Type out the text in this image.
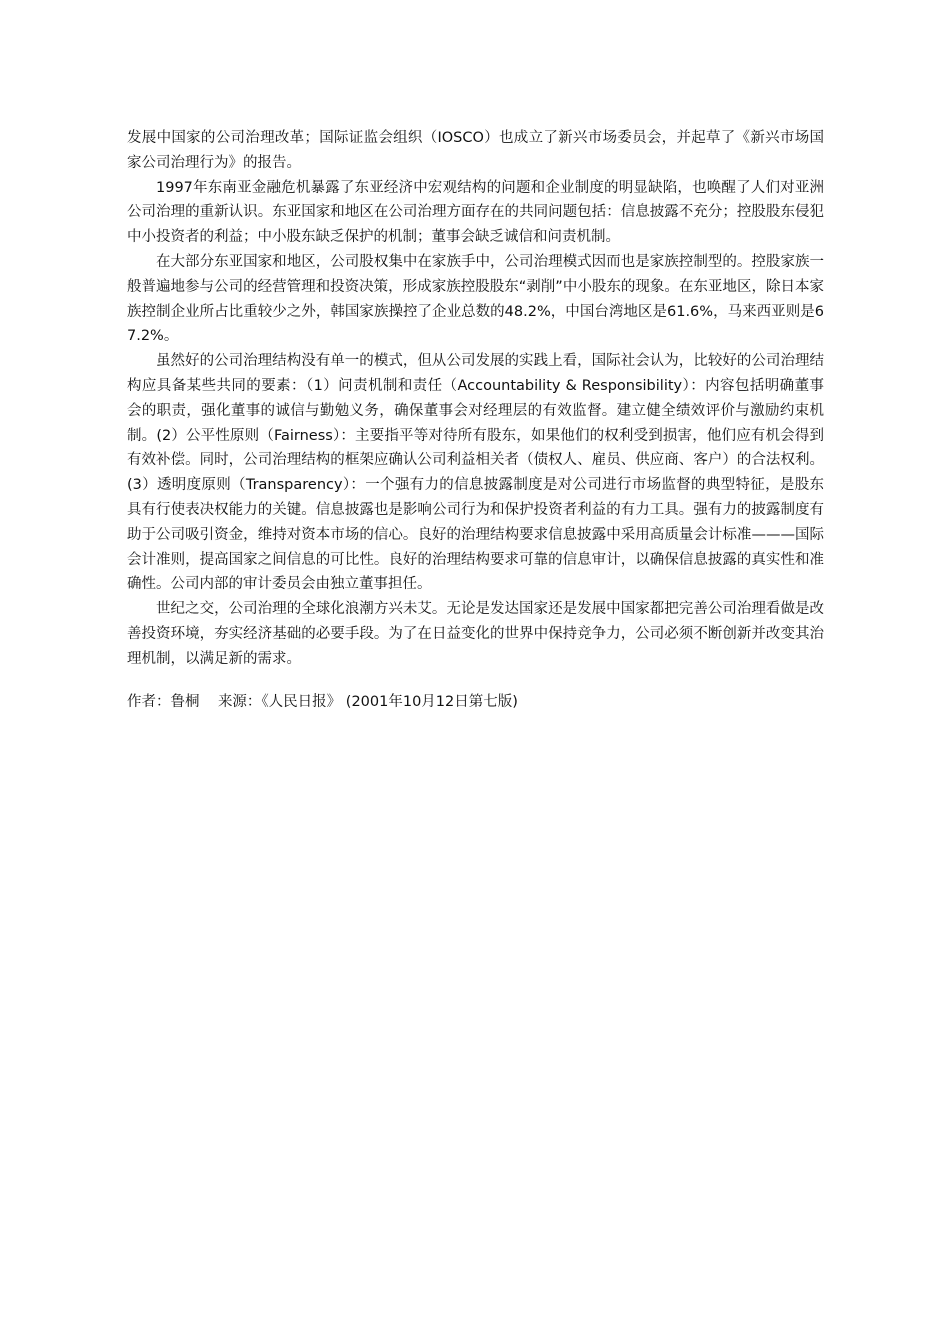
发展中国家的公司治理改革；国际证监会组织（IOSCO）也成立了新兴市场委员会，并起草了《新兴市场国家公司治理行为》的报告。

1997年东南亚金融危机暴露了东亚经济中宏观结构的问题和企业制度的明显缺陷，也唤醒了人们对亚洲公司治理的重新认识。东亚国家和地区在公司治理方面存在的共同问题包括：信息披露不充分；控股股东侵犯中小投资者的利益；中小股东缺乏保护的机制；董事会缺乏诚信和问责机制。

在大部分东亚国家和地区，公司股权集中在家族手中，公司治理模式因而也是家族控制型的。控股家族一般普遍地参与公司的经营管理和投资决策，形成家族控股股东“剥削”中小股东的现象。在东亚地区，除日本家族控制企业所占比重较少之外，韩国家族操控了企业总数的48.2%，中国台湾地区是61.6%，马来西亚则是67.2%。

虽然好的公司治理结构没有单一的模式，但从公司发展的实践上看，国际社会认为，比较好的公司治理结构应具备某些共同的要素：（1）问责机制和责任（Accountability & Responsibility）：内容包括明确董事会的职责，强化董事的诚信与勤勉义务，确保董事会对经理层的有效监督。建立健全绩效评价与激励约束机制。(2）公平性原则（Fairness）：主要指平等对待所有股东，如果他们的权利受到损害，他们应有机会得到有效补偿。同时，公司治理结构的框架应确认公司利益相关者（债权人、雇员、供应商、客户）的合法权利。(3）透明度原则（Transparency）：一个强有力的信息披露制度是对公司进行市场监督的典型特征，是股东具有行使表决权能力的关键。信息披露也是影响公司行为和保护投资者利益的有力工具。强有力的披露制度有助于公司吸引资金，维持对资本市场的信心。良好的治理结构要求信息披露中采用高质量会计标准———国际会计准则，提高国家之间信息的可比性。良好的治理结构要求可靠的信息审计，以确保信息披露的真实性和准确性。公司内部的审计委员会由独立董事担任。

世纪之交，公司治理的全球化浪潮方兴未艾。无论是发达国家还是发展中国家都把完善公司治理看做是改善投资环境，夯实经济基础的必要手段。为了在日益变化的世界中保持竞争力，公司必须不断创新并改变其治理机制，以满足新的需求。

作者：鲁桐 来源：《人民日报》 (2001年10月12日第七版)
